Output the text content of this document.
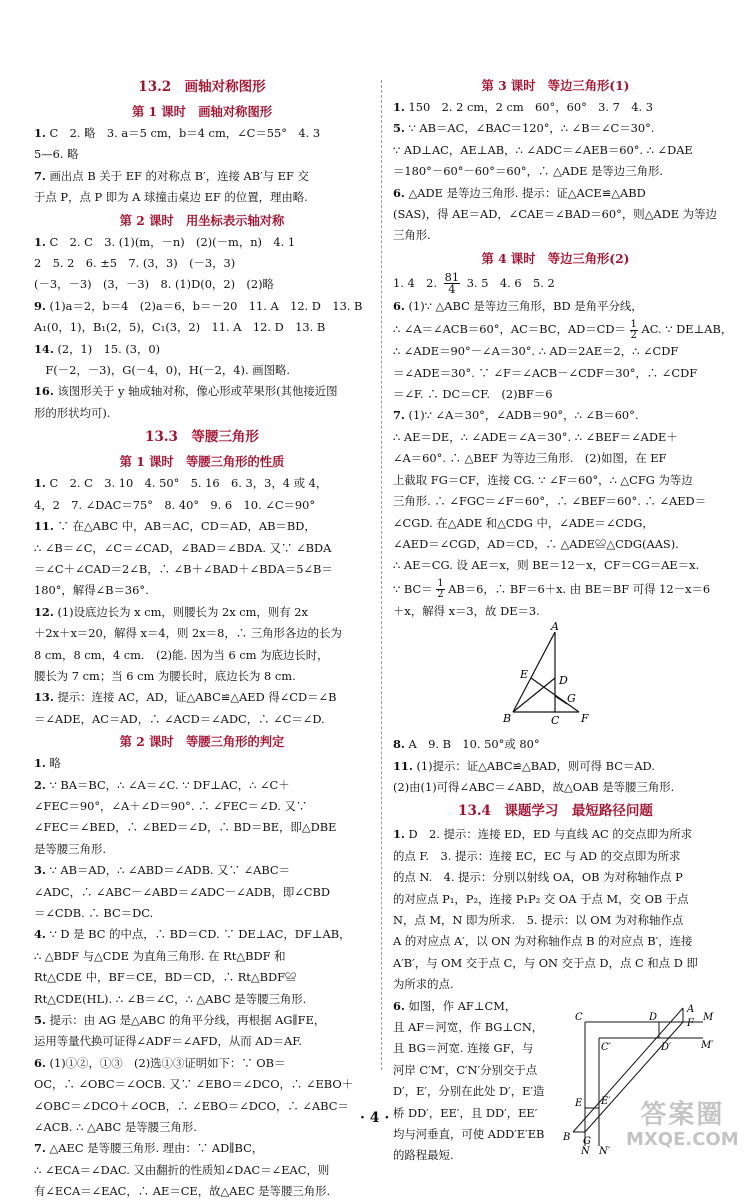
13.2　画轴对称图形
第 1 课时　画轴对称图形

1. C　2. 略　3. a＝5 cm，b＝4 cm，∠C＝55°　4. 3

5—6. 略

7. 画出点 B 关于 EF 的对称点 B′，连接 AB′与 EF 交

于点 P，点 P 即为 A 球撞击桌边 EF 的位置，理由略.

第 2 课时　用坐标表示轴对称

1. C　2. C　3. (1)(m，－n)　(2)(－m，n)　4. 1

2　5. 2　6. ±5　7. (3，3)　(－3，3)

(－3，－3)　(3，－3)　8. (1)D(0，2)　(2)略

9. (1)a＝2，b＝4　(2)a＝6，b＝－20　11. A　12. D　13. B

A₁(0，1)，B₁(2，5)，C₁(3，2)　11. A　12. D　13. B

14. (2，1)　15. (3，0)

　F(－2，－3)，G(－4，0)，H(－2，4). 画图略.

16. 该图形关于 y 轴成轴对称，像心形或苹果形(其他接近图

形的形状均可).

13.3　等腰三角形
第 1 课时　等腰三角形的性质

1. C　2. C　3. 10　4. 50°　5. 16　6. 3，3，4 或 4，

4，2　7. ∠DAC＝75°　8. 40°　9. 6　10. ∠C＝90°

11. ∵ 在△ABC 中，AB＝AC，CD＝AD，AB＝BD，

∴ ∠B＝∠C，∠C＝∠CAD，∠BAD＝∠BDA. 又∵ ∠BDA

＝∠C＋∠CAD＝2∠B，∴ ∠B＋∠BAD＋∠BDA＝5∠B＝

180°，解得∠B＝36°.

12. (1)设底边长为 x cm，则腰长为 2x cm，则有 2x

＋2x＋x＝20，解得 x＝4，则 2x＝8，∴ 三角形各边的长为

8 cm，8 cm，4 cm.　(2)能. 因为当 6 cm 为底边长时，

腰长为 7 cm；当 6 cm 为腰长时，底边长为 8 cm.

13. 提示：连接 AC，AD，证△ABC≌△AED 得∠CD＝∠B

＝∠ADE，AC＝AD，∴ ∠ACD＝∠ADC，∴ ∠C＝∠D.

第 2 课时　等腰三角形的判定

1. 略

2. ∵ BA＝BC，∴ ∠A＝∠C. ∵ DF⊥AC，∴ ∠C＋

∠FEC＝90°，∠A＋∠D＝90°. ∴ ∠FEC＝∠D. 又∵

∠FEC＝∠BED，∴ ∠BED＝∠D，∴ BD＝BE，即△DBE

是等腰三角形.

3. ∵ AB＝AD，∴ ∠ABD＝∠ADB. 又∵ ∠ABC＝

∠ADC，∴ ∠ABC－∠ABD＝∠ADC－∠ADB，即∠CBD

＝∠CDB. ∴ BC＝DC.

4. ∵ D 是 BC 的中点，∴ BD＝CD. ∵ DE⊥AC，DF⊥AB，

∴ △BDF 与△CDE 为直角三角形. 在 Rt△BDF 和

Rt△CDE 中，BF＝CE，BD＝CD，∴ Rt△BDF≌

Rt△CDE(HL). ∴ ∠B＝∠C，∴ △ABC 是等腰三角形.

5. 提示：由 AG 是△ABC 的角平分线，再根据 AG∥FE，

运用等量代换可证得∠ADF＝∠AFD，从而 AD＝AF.

6. (1)①②，①③　(2)选①③证明如下：∵ OB＝

OC，∴ ∠OBC＝∠OCB. 又∵ ∠EBO＝∠DCO，∴ ∠EBO＋

∠OBC＝∠DCO＋∠OCB，∴ ∠EBO＝∠DCO，∴ ∠ABC＝

∠ACB. ∴ △ABC 是等腰三角形.

7. △AEC 是等腰三角形. 理由：∵ AD∥BC，

∴ ∠ECA＝∠DAC. 又由翻折的性质知∠DAC＝∠EAC，则

有∠ECA＝∠EAC，∴ AE＝CE，故△AEC 是等腰三角形.

第 3 课时　等边三角形(1)

1. 150　2. 2 cm，2 cm　60°，60°　3. 7　4. 3

5. ∵ AB＝AC，∠BAC＝120°，∴ ∠B＝∠C＝30°.

∵ AD⊥AC，AE⊥AB，∴ ∠ADC＝∠AEB＝60°. ∴ ∠DAE

＝180°－60°－60°＝60°，∴ △ADE 是等边三角形.

6. △ADE 是等边三角形. 提示：证△ACE≌△ABD

(SAS)，得 AE＝AD，∠CAE＝∠BAD＝60°，则△ADE 为等边

三角形.

第 4 课时　等边三角形(2)

1. 4　2. $\frac{81}{4} 3$. 5　4. 6　5. 2

6. (1)∵ △ABC 是等边三角形，BD 是角平分线，

∴ ∠A＝∠ACB＝60°，AC＝BC，$AD=CD= \frac{1}{2}$ AC. ∵ DE⊥AB，

∴ ∠ADE＝90°－∠A＝30°. ∴ AD＝2AE＝2，∴ ∠CDF

＝∠ADE＝30°. ∵ ∠F＝∠ACB－∠CDF＝30°，∴ ∠CDF

＝∠F. ∴ DC＝CF.　(2)BF＝6

7. (1)∵ ∠A＝30°，∠ADB＝90°，∴ ∠B＝60°.

∴ AE＝DE，∴ ∠ADE＝∠A＝30°. ∴ ∠BEF＝∠ADE＋

∠A＝60°. ∴ △BEF 为等边三角形.　(2)如图，在 EF

上截取 FG＝CF，连接 CG. ∵ ∠F＝60°，∴ △CFG 为等边

三角形. ∴ ∠FGC＝∠F＝60°，∴ ∠BEF＝60°. ∴ ∠AED＝

∠CGD. 在△ADE 和△CDG 中，∠ADE＝∠CDG，

∠AED＝∠CGD，AD＝CD，∴ △ADE≌△CDG(AAS).

∴ AE＝CG. 设 AE＝x，则 BE＝12－x，CF＝CG＝AE＝x.

∵ $BC= \frac{1}{2} AB=6$，∴ BF＝6＋x. 由 BE＝BF 可得 12－x＝6

＋x，解得 x＝3，故 DE＝3.

A
B	C
D
E
F
G

8. A　9. B　10. 50°或 80°

11. (1)提示：证△ABC≌△BAD，则可得 BC＝AD.

(2)由(1)可得∠ABC＝∠ABD，故△OAB 是等腰三角形.

13.4　课题学习　最短路径问题

1. D　2. 提示：连接 ED，ED 与直线 AC 的交点即为所求

的点 F.　3. 提示：连接 EC，EC 与 AD 的交点即为所求

的点 N.　4. 提示：分别以射线 OA，OB 为对称轴作点 P

的对应点 P₁，P₂，连接 P₁P₂ 交 OA 于点 M，交 OB 于点

N，点 M，N 即为所求.　5. 提示：以 OM 为对称轴作点

A 的对应点 A′，以 ON 为对称轴作点 B 的对应点 B′，连接

A′B′，与 OM 交于点 C，与 ON 交于点 D，点 C 和点 D 即

为所求的点.

6. 如图，作 AF⊥CM，

且 AF＝河宽，作 BG⊥CN，

且 BG＝河宽. 连接 GF，与

河岸 C′M′，C′N′分别交于点

D′，E′，分别在此处 D′，E′造

桥 DD′，EE′，且 DD′，EE′

均与河垂直，可使 ADD′E′EB

的路程最短.

A
B
C
C′
D
D′
E E′
F
G
M
M′
N N′
· 4 ·	答案圈
MXQE.COM
